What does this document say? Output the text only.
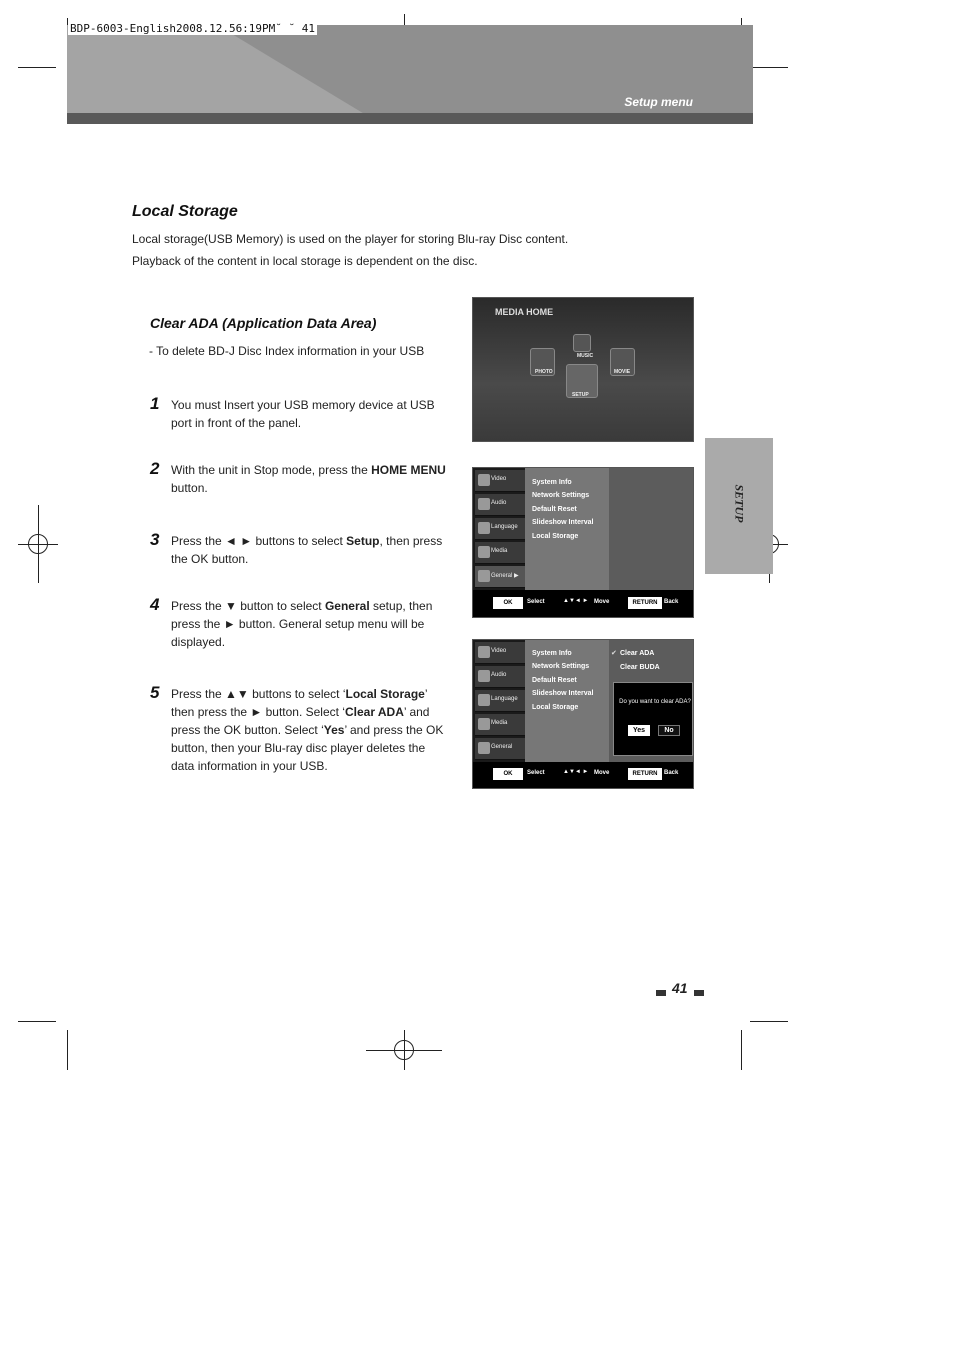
Setup menu
BDP-6003-English2008.12.56:19PM˘ ˘ 41
SETUP
Local Storage
Local storage(USB Memory) is used on the player for storing Blu-ray Disc content.
Playback of the content in local storage is dependent on the disc.
Clear ADA (Application Data Area)
- To delete BD-J Disc Index information in your USB
1 You must Insert your USB memory device at USB port in front of the panel.
2 With the unit in Stop mode, press the HOME MENU button.
3 Press the ◄ ► buttons to select Setup, then press the OK button.
4 Press the ▼ button to select General setup, then press the ► button. General setup menu will be displayed.
5 Press the ▲▼ buttons to select ‘Local Storage’ then press the ► button. Select ‘Clear ADA’ and press the OK button. Select ‘Yes’ and press the OK button, then your Blu-ray disc player deletes the data information in your USB.
MEDIA HOME
MUSIC
PHOTO
SETUP
MOVIE
Video
Audio
Language
Media
General ▶
System Info
Network Settings
Default Reset
Slideshow Interval
Local Storage
OK	Select	▲▼◄ ► Move	RETURN	Back
Video
Audio
Language
Media
General
System Info
Network Settings
Default Reset
Slideshow Interval
Local Storage
✔ Clear ADA
Clear BUDA
Do you want to clear ADA?
Yes	No
OK	Select	▲▼◄ ► Move	RETURN	Back
41
